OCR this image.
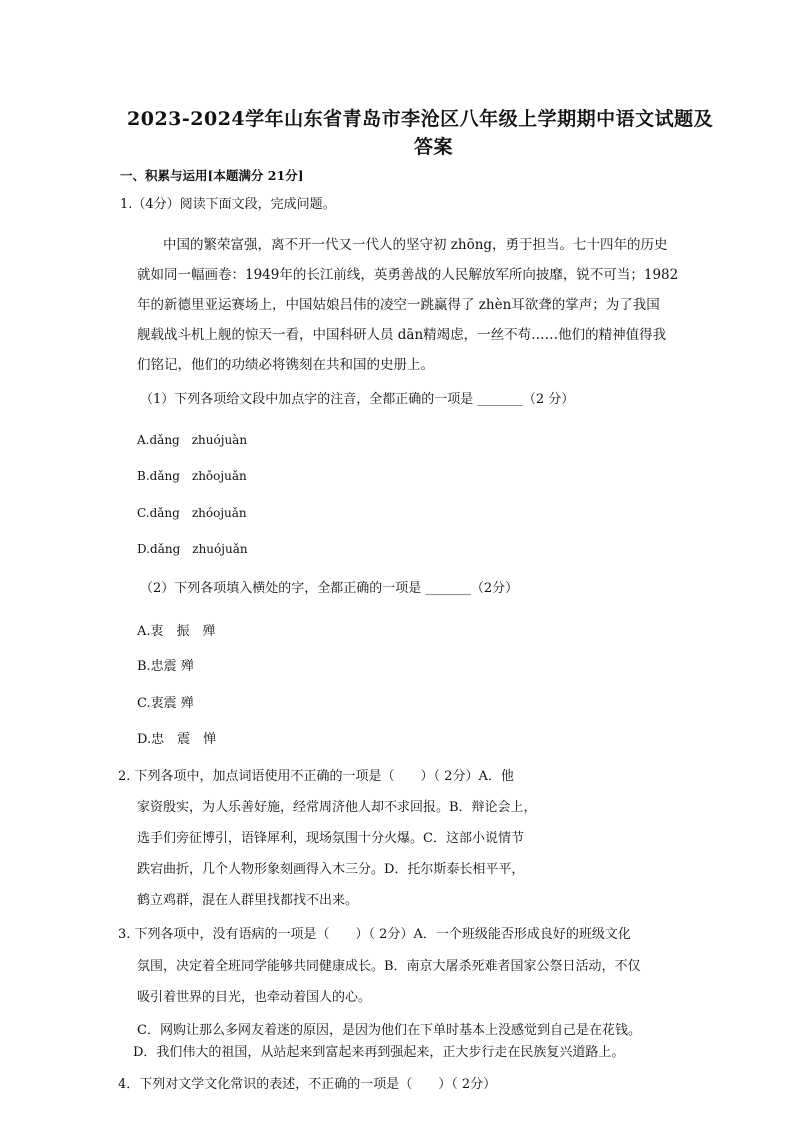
2023-2024学年山东省青岛市李沧区八年级上学期期中语文试题及
答案
一、积累与运用[本题满分 21分]
1.（4分）阅读下面文段，完成问题。
中国的繁荣富强，离不开一代又一代人的坚守初 zhōng，勇于担当。七十四年的历史
就如同一幅画卷：1949年的长江前线，英勇善战的人民解放军所向披靡，锐不可当；1982
年的新德里亚运赛场上，中国姑娘吕伟的凌空一跳赢得了 zhèn耳欲聋的掌声；为了我国
舰载战斗机上舰的惊天一看，中国科研人员 dān精竭虑，一丝不苟……他们的精神值得我
们铭记，他们的功绩必将镌刻在共和国的史册上。
（1）下列各项给文段中加点字的注音，全都正确的一项是 _______（2 分）
A.dǎng　zhuójuàn
B.dǎng　zhǒojuǎn
C.dǎng　zhóojuǎn
D.dǎng　zhuójuǎn
（2）下列各项填入横处的字，全都正确的一项是 _______（2分）
A.衷　振　殚
B.忠震 殚
C.衷震 殚
D.忠　震　惮
2. 下列各项中，加点词语使用不正确的一项是（　　）（ 2分）A．他
家资殷实，为人乐善好施，经常周济他人却不求回报。B．辩论会上，
选手们旁征博引，语锋犀利，现场氛围十分火爆。C．这部小说情节
跌宕曲折，几个人物形象刻画得入木三分。D．托尔斯泰长相平平，
鹤立鸡群，混在人群里找都找不出来。
3. 下列各项中，没有语病的一项是（　　）（ 2分）A．一个班级能否形成良好的班级文化
氛围，决定着全班同学能够共同健康成长。B．南京大屠杀死难者国家公祭日活动，不仅
吸引着世界的目光，也牵动着国人的心。
C．网购让那么多网友着迷的原因，是因为他们在下单时基本上没感觉到自己是在花钱。
D．我们伟大的祖国，从站起来到富起来再到强起来，正大步行走在民族复兴道路上。
4．下列对文学文化常识的表述，不正确的一项是（　　）（ 2分）
